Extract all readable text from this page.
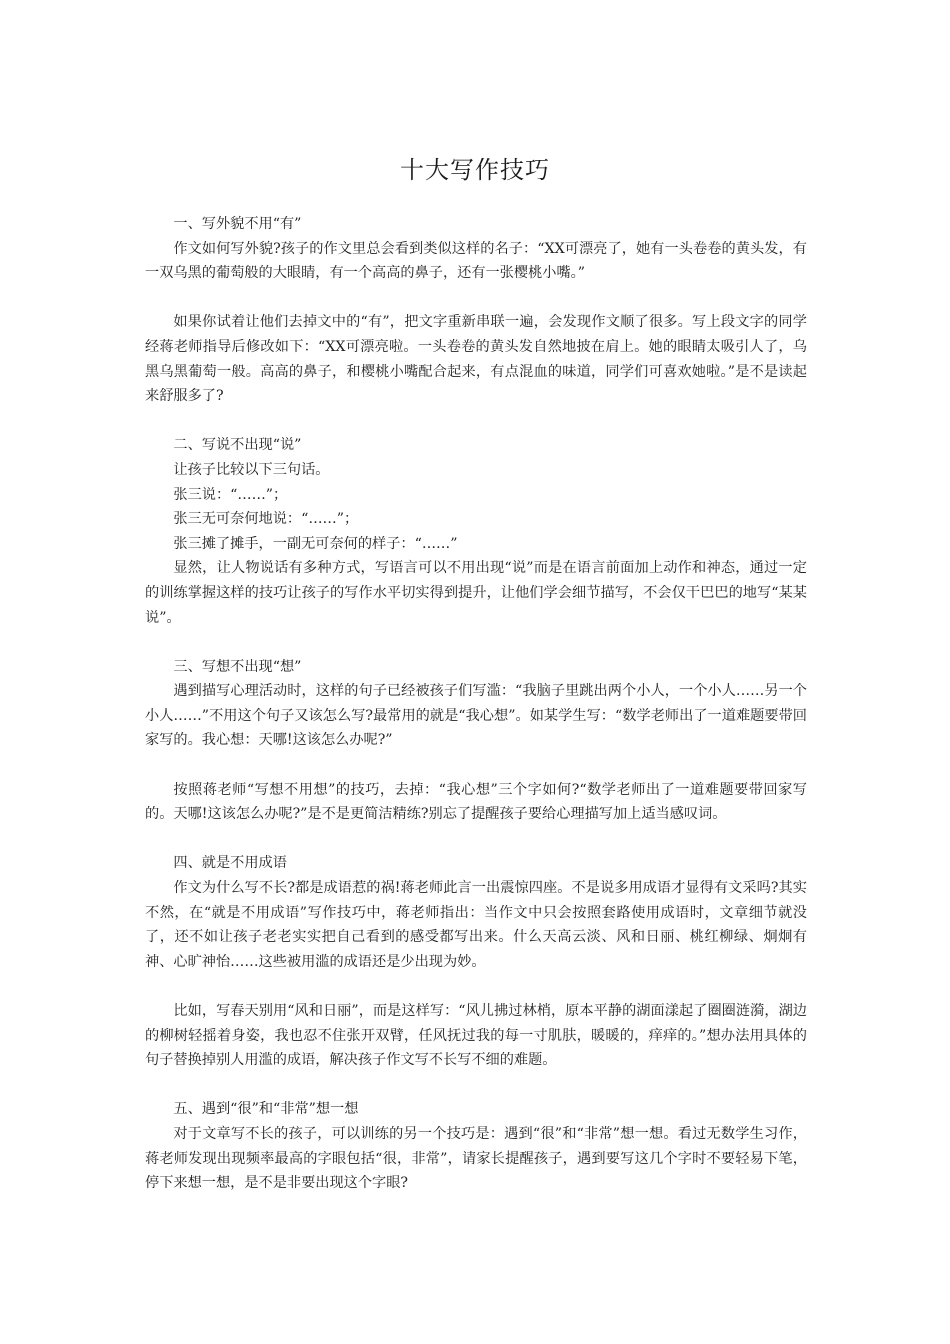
十大写作技巧

一、写外貌不用“有”

作文如何写外貌?孩子的作文里总会看到类似这样的名子：“XX可漂亮了，她有一头卷卷的黄头发，有一双乌黑的葡萄般的大眼睛，有一个高高的鼻子，还有一张樱桃小嘴。”

如果你试着让他们去掉文中的“有”，把文字重新串联一遍，会发现作文顺了很多。写上段文字的同学经蒋老师指导后修改如下：“XX可漂亮啦。一头卷卷的黄头发自然地披在肩上。她的眼睛太吸引人了，乌黑乌黑葡萄一般。高高的鼻子，和樱桃小嘴配合起来，有点混血的味道，同学们可喜欢她啦。”是不是读起来舒服多了?

二、写说不出现“说”

让孩子比较以下三句话。

张三说：“……”；

张三无可奈何地说：“……”；

张三摊了摊手，一副无可奈何的样子：“……”

显然，让人物说话有多种方式，写语言可以不用出现“说”而是在语言前面加上动作和神态，通过一定的训练掌握这样的技巧让孩子的写作水平切实得到提升，让他们学会细节描写，不会仅干巴巴的地写“某某说”。

三、写想不出现“想”

遇到描写心理活动时，这样的句子已经被孩子们写滥：“我脑子里跳出两个小人，一个小人……另一个小人……”不用这个句子又该怎么写?最常用的就是“我心想”。如某学生写：“数学老师出了一道难题要带回家写的。我心想：天哪!这该怎么办呢?”

按照蒋老师“写想不用想”的技巧，去掉：“我心想”三个字如何?“数学老师出了一道难题要带回家写的。天哪!这该怎么办呢?”是不是更简洁精练?别忘了提醒孩子要给心理描写加上适当感叹词。

四、就是不用成语

作文为什么写不长?都是成语惹的祸!蒋老师此言一出震惊四座。不是说多用成语才显得有文采吗?其实不然，在“就是不用成语”写作技巧中，蒋老师指出：当作文中只会按照套路使用成语时，文章细节就没了，还不如让孩子老老实实把自己看到的感受都写出来。什么天高云淡、风和日丽、桃红柳绿、炯炯有神、心旷神怡……这些被用滥的成语还是少出现为妙。

比如，写春天别用“风和日丽”，而是这样写：“风儿拂过林梢，原本平静的湖面漾起了圈圈涟漪，湖边的柳树轻摇着身姿，我也忍不住张开双臂，任风抚过我的每一寸肌肤，暖暖的，痒痒的。”想办法用具体的句子替换掉别人用滥的成语，解决孩子作文写不长写不细的难题。

五、遇到“很”和“非常”想一想

对于文章写不长的孩子，可以训练的另一个技巧是：遇到“很”和“非常”想一想。看过无数学生习作，蒋老师发现出现频率最高的字眼包括“很，非常”，请家长提醒孩子，遇到要写这几个字时不要轻易下笔，停下来想一想，是不是非要出现这个字眼?
